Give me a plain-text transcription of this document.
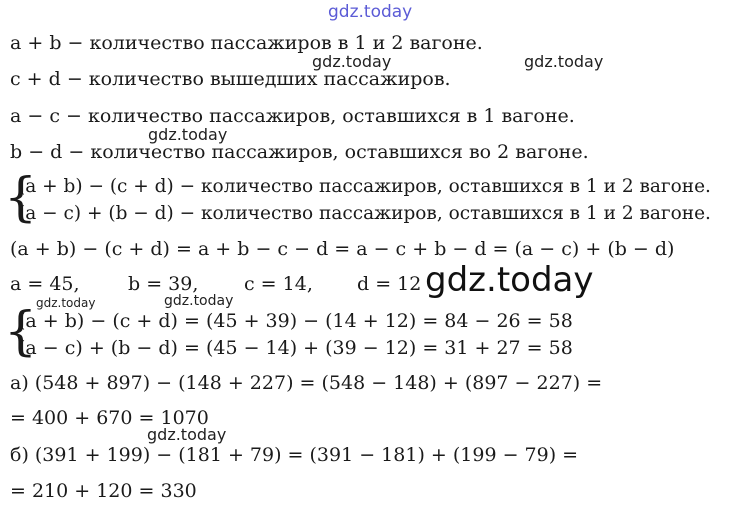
gdz.today
gdz.today	gdz.today
gdz.today
gdz.today
gdz.today	gdz.today
gdz.today
a + b − количество пассажиров в 1 и 2 вагоне.
c + d − количество вышедших пассажиров.
a − c − количество пассажиров, оставшихся в 1 вагоне.
b − d − количество пассажиров, оставшихся во 2 вагоне.
{
(a + b) − (c + d) − количество пассажиров, оставшихся в 1 и 2 вагоне.
(a − c) + (b − d) − количество пассажиров, оставшихся в 1 и 2 вагоне.
(a + b) − (c + d) = a + b − c − d = a − c + b − d = (a − c) + (b − d)
a = 45,	b = 39, c = 14, d = 12
{
(a + b) − (c + d) = (45 + 39) − (14 + 12) = 84 − 26 = 58
(a − c) + (b − d) = (45 − 14) + (39 − 12) = 31 + 27 = 58
а) (548 + 897) − (148 + 227) = (548 − 148) + (897 − 227) =
= 400 + 670 = 1070
б) (391 + 199) − (181 + 79) = (391 − 181) + (199 − 79) =
= 210 + 120 = 330
